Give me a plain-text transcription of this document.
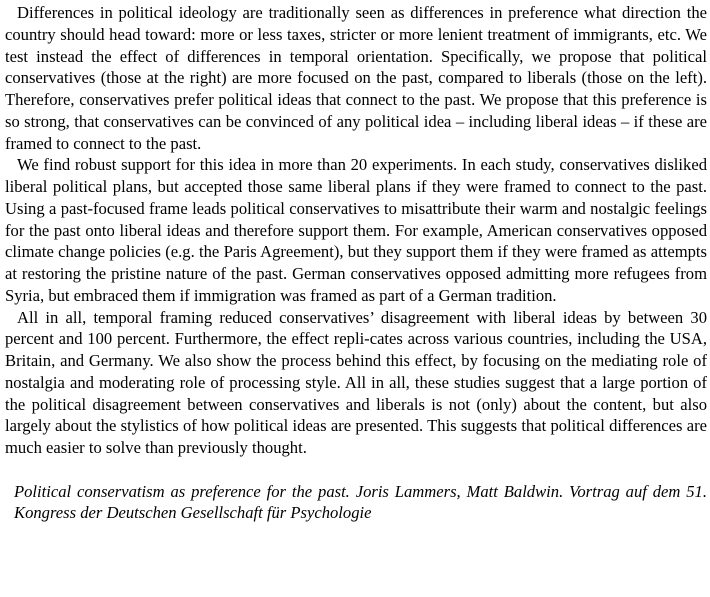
Differences in political ideology are traditionally seen as differences in preference what direction the country should head toward: more or less taxes, stricter or more lenient treatment of immigrants, etc. We test instead the effect of differences in temporal orientation. Specifically, we propose that political conservatives (those at the right) are more focused on the past, compared to liberals (those on the left). Therefore, conservatives prefer political ideas that connect to the past. We propose that this preference is so strong, that conservatives can be convinced of any political idea – including liberal ideas – if these are framed to connect to the past.

We find robust support for this idea in more than 20 experiments. In each study, conservatives disliked liberal political plans, but accepted those same liberal plans if they were framed to connect to the past. Using a past-focused frame leads political conservatives to misattribute their warm and nostalgic feelings for the past onto liberal ideas and therefore support them. For example, American conservatives opposed climate change policies (e.g. the Paris Agreement), but they support them if they were framed as attempts at restoring the pristine nature of the past. German conservatives opposed admitting more refugees from Syria, but embraced them if immigration was framed as part of a German tradition.

All in all, temporal framing reduced conservatives’ disagreement with liberal ideas by between 30 percent and 100 percent. Furthermore, the effect repli-cates across various countries, including the USA, Britain, and Germany. We also show the process behind this effect, by focusing on the mediating role of nostalgia and moderating role of processing style. All in all, these studies suggest that a large portion of the political disagreement between conservatives and liberals is not (only) about the content, but also largely about the stylistics of how political ideas are presented. This suggests that political differences are much easier to solve than previously thought.

Political conservatism as preference for the past. Joris Lammers, Matt Baldwin. Vortrag auf dem 51. Kongress der Deutschen Gesellschaft für Psychologie
